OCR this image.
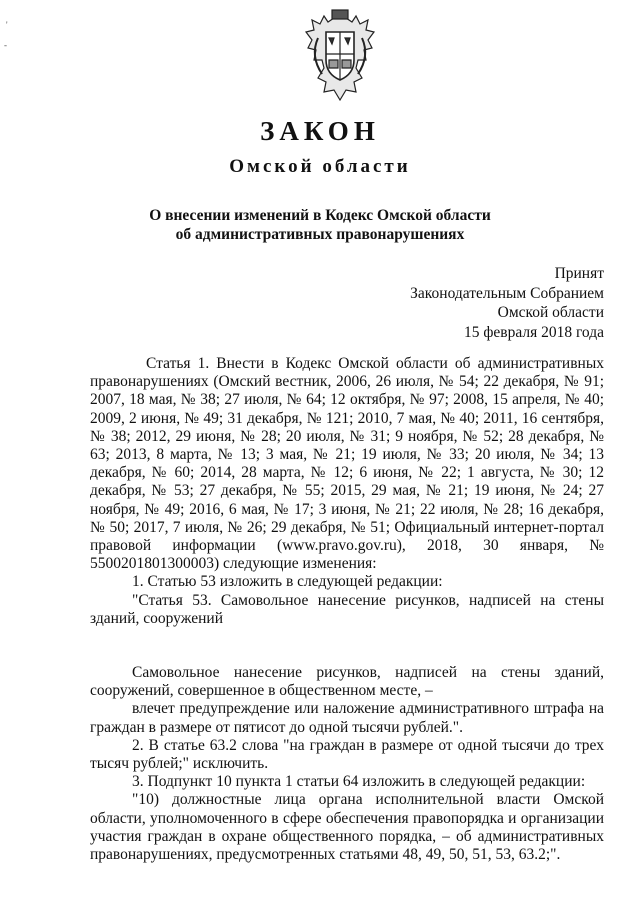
'
-
ЗАКОН
Омской области
О внесении изменений в Кодекс Омской области
об административных правонарушениях
Принят
Законодательным Собранием
Омской области
15 февраля 2018 года

Статья 1. Внести в Кодекс Омской области об административных правонарушениях (Омский вестник, 2006, 26 июля, № 54; 22 декабря, № 91; 2007, 18 мая, № 38; 27 июля, № 64; 12 октября, № 97; 2008, 15 апреля, № 40; 2009, 2 июня, № 49; 31 декабря, № 121; 2010, 7 мая, № 40; 2011, 16 сентября, № 38; 2012, 29 июня, № 28; 20 июля, № 31; 9 ноября, № 52; 28 декабря, № 63; 2013, 8 марта, № 13; 3 мая, № 21; 19 июля, № 33; 20 июля, № 34; 13 декабря, № 60; 2014, 28 марта, № 12; 6 июня, № 22; 1 августа, № 30; 12 декабря, № 53; 27 декабря, № 55; 2015, 29 мая, № 21; 19 июня, № 24; 27 ноября, № 49; 2016, 6 мая, № 17; 3 июня, № 21; 22 июля, № 28; 16 декабря, № 50; 2017, 7 июля, № 26; 29 декабря, № 51; Официальный интернет-портал правовой информации (www.pravo.gov.ru), 2018, 30 января, № 5500201801300003) следующие изменения:

1. Статью 53 изложить в следующей редакции:

"Статья 53. Самовольное нанесение рисунков, надписей на стены зданий, сооружений

Самовольное нанесение рисунков, надписей на стены зданий, сооружений, совершенное в общественном месте, –

влечет предупреждение или наложение административного штрафа на граждан в размере от пятисот до одной тысячи рублей.".

2. В статье 63.2 слова "на граждан в размере от одной тысячи до трех тысяч рублей;" исключить.

3. Подпункт 10 пункта 1 статьи 64 изложить в следующей редакции:

"10) должностные лица органа исполнительной власти Омской области, уполномоченного в сфере обеспечения правопорядка и организации участия граждан в охране общественного порядка, – об административных правонарушениях, предусмотренных статьями 48, 49, 50, 51, 53, 63.2;".
